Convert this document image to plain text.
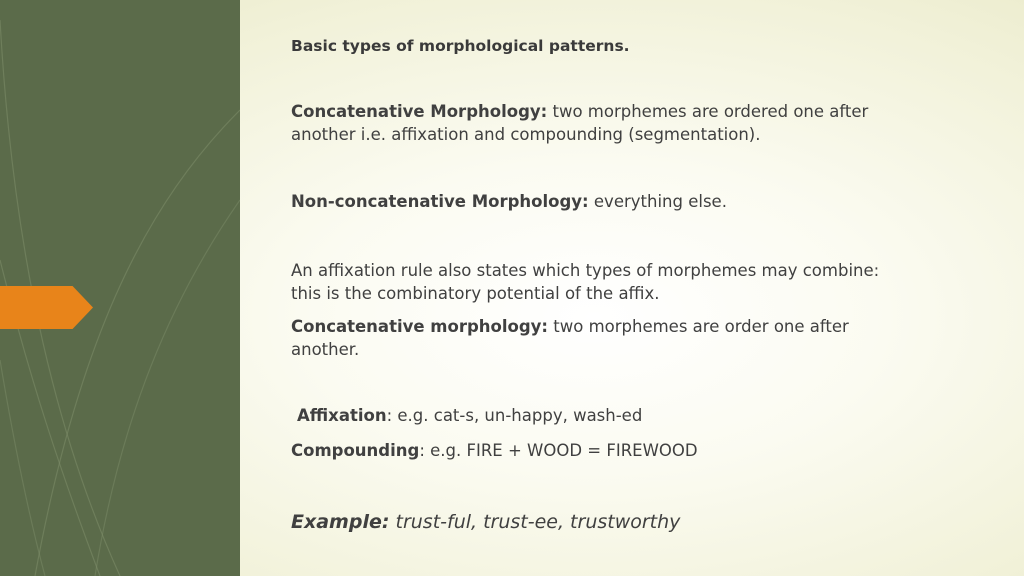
Basic types of morphological patterns.
Concatenative Morphology: two morphemes are ordered one after
another i.e. affixation and compounding (segmentation).
Non-concatenative Morphology: everything else.
An affixation rule also states which types of morphemes may combine:
this is the combinatory potential of the affix.
Concatenative morphology: two morphemes are order one after
another.
Affixation: e.g. cat-s, un-happy, wash-ed
Compounding: e.g. FIRE + WOOD = FIREWOOD
Example: trust-ful, trust-ee, trustworthy
